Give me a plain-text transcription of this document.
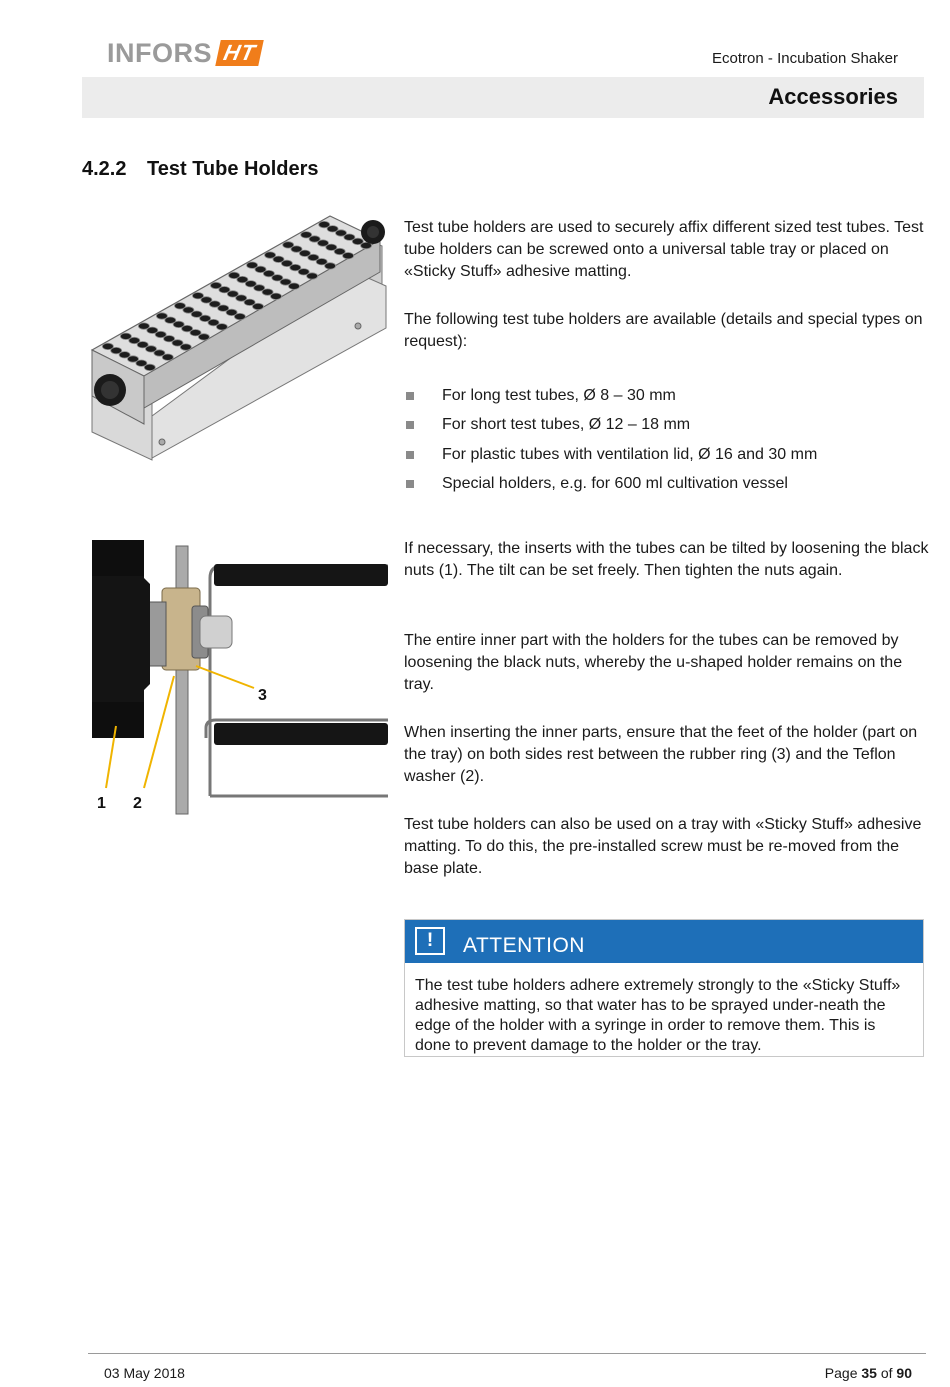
INFORS HT	Ecotron - Incubation Shaker
Accessories
4.2.2	Test Tube Holders
Test tube holders are used to securely affix different sized test tubes. Test tube holders can be screwed onto a universal table tray or placed on «Sticky Stuff» adhesive matting.
The following test tube holders are available (details and special types on request):
For long test tubes, Ø 8 – 30 mm
For short test tubes, Ø 12 – 18 mm
For plastic tubes with ventilation lid, Ø 16 and 30 mm
Special holders, e.g. for 600 ml cultivation vessel
1 2
3
If necessary, the inserts with the tubes can be tilted by loosening the black nuts (1). The tilt can be set freely. Then tighten the nuts again.
The entire inner part with the holders for the tubes can be removed by loosening the black nuts, whereby the u-shaped holder remains on the tray.
When inserting the inner parts, ensure that the feet of the holder (part on the tray) on both sides rest between the rubber ring (3) and the Teflon washer (2).
Test tube holders can also be used on a tray with «Sticky Stuff» adhesive matting. To do this, the pre-installed screw must be re-moved from the base plate.
!	ATTENTION
The test tube holders adhere extremely strongly to the «Sticky Stuff» adhesive matting, so that water has to be sprayed under-neath the edge of the holder with a syringe in order to remove them. This is done to prevent damage to the holder or the tray.
03 May 2018	Page 35 of 90
